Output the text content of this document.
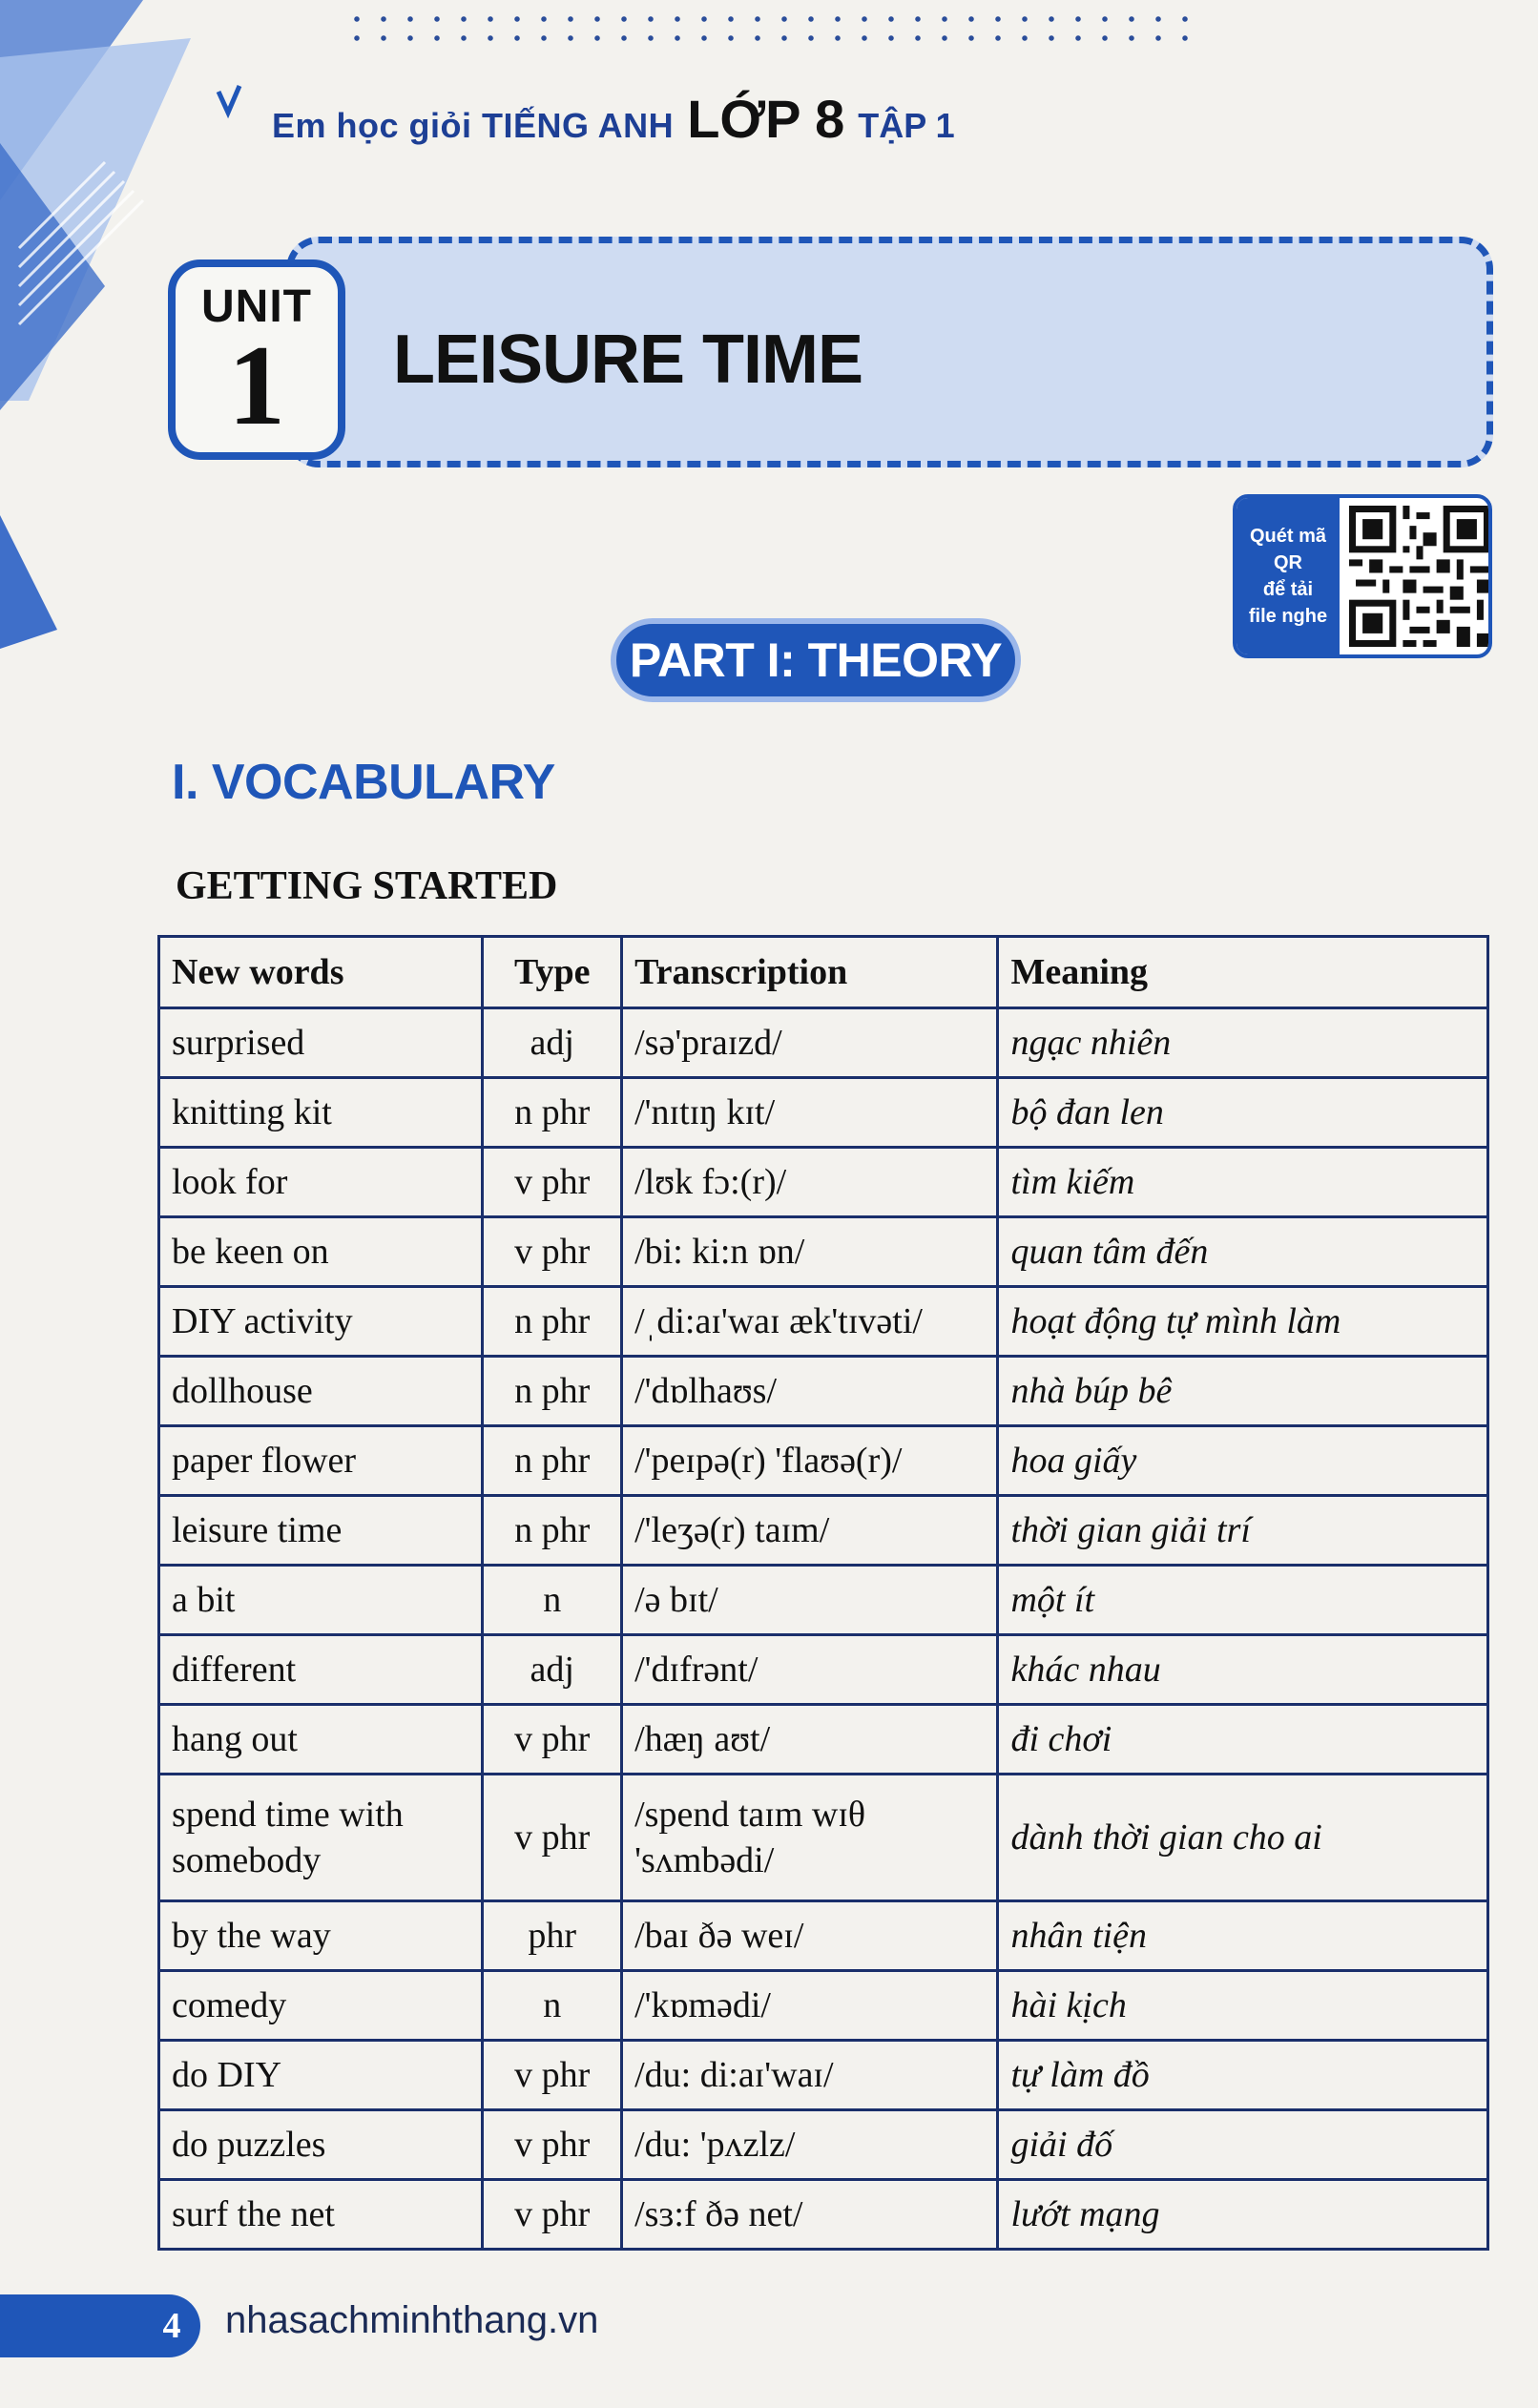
Em học giỏi TIẾNG ANH LỚP 8 TẬP 1
UNIT
1	LEISURE TIME
Quét mã
QR
để tải
file nghe
PART I: THEORY
I. VOCABULARY
GETTING STARTED
New words	Type	Transcription	Meaning
surprised	adj	/sə'praɪzd/	ngạc nhiên
knitting kit	n phr	/'nɪtɪŋ kɪt/	bộ đan len
look for	v phr	/lʊk fɔ:(r)/	tìm kiếm
be keen on	v phr	/bi: ki:n ɒn/	quan tâm đến
DIY activity	n phr	/ˌdi:aɪ'waɪ æk'tɪvəti/	hoạt động tự mình làm
dollhouse	n phr	/'dɒlhaʊs/	nhà búp bê
paper flower	n phr	/'peɪpə(r) 'flaʊə(r)/	hoa giấy
leisure time	n phr	/'leʒə(r) taɪm/	thời gian giải trí
a bit	n	/ə bɪt/	một ít
different	adj	/'dɪfrənt/	khác nhau
hang out	v phr	/hæŋ aʊt/	đi chơi
spend time with somebody	v phr	/spend taɪm wɪθ 'sʌmbədi/	dành thời gian cho ai
by the way	phr	/baɪ ðə weɪ/	nhân tiện
comedy	n	/'kɒmədi/	hài kịch
do DIY	v phr	/du: di:aɪ'waɪ/	tự làm đồ
do puzzles	v phr	/du: 'pʌzlz/	giải đố
surf the net	v phr	/sɜ:f ðə net/	lướt mạng
4	nhasachminhthang.vn
